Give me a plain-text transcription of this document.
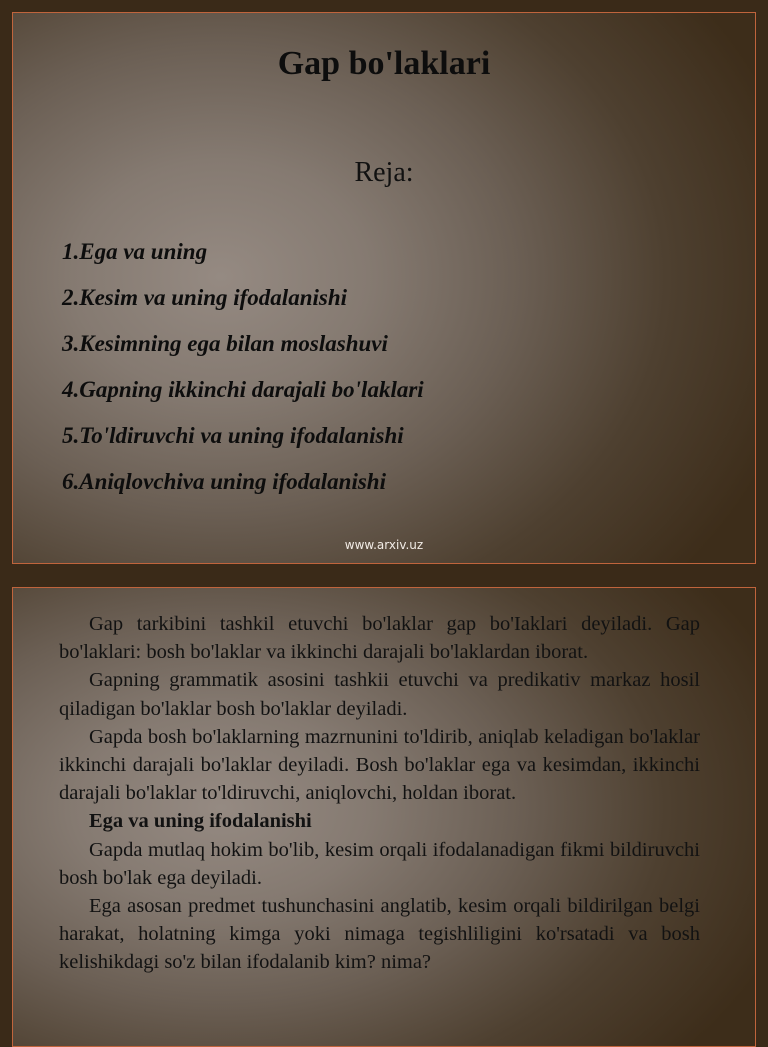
Gap bo'laklari
Reja:
1.Ega va uning
2.Kesim va uning ifodalanishi
3.Kesimning ega bilan moslashuvi
4.Gapning ikkinchi darajali bo'laklari
5.To'ldiruvchi va uning ifodalanishi
6.Aniqlovchiva uning ifodalanishi
www.arxiv.uz

Gap tarkibini tashkil etuvchi bo'laklar gap bo'Iaklari deyiladi. Gap bo'laklari: bosh bo'laklar va ikkinchi darajali bo'laklardan iborat.

Gapning grammatik asosini tashkii etuvchi va predikativ markaz hosil qiladigan bo'laklar bosh bo'laklar deyiladi.

Gapda bosh bo'laklarning mazrnunini to'ldirib, aniqlab keladigan bo'laklar ikkinchi darajali bo'laklar deyiladi. Bosh bo'laklar ega va kesimdan, ikkinchi darajali bo'laklar to'ldiruvchi, aniqlovchi, holdan iborat.

Ega va uning ifodalanishi

Gapda mutlaq hokim bo'lib, kesim orqali ifodalanadigan fikmi bildiruvchi bosh bo'lak ega deyiladi.

Ega asosan predmet tushunchasini anglatib, kesim orqali bildirilgan belgi harakat, holatning kimga yoki nimaga tegishliligini ko'rsatadi va bosh kelishikdagi so'z bilan ifodalanib kim? nima?
